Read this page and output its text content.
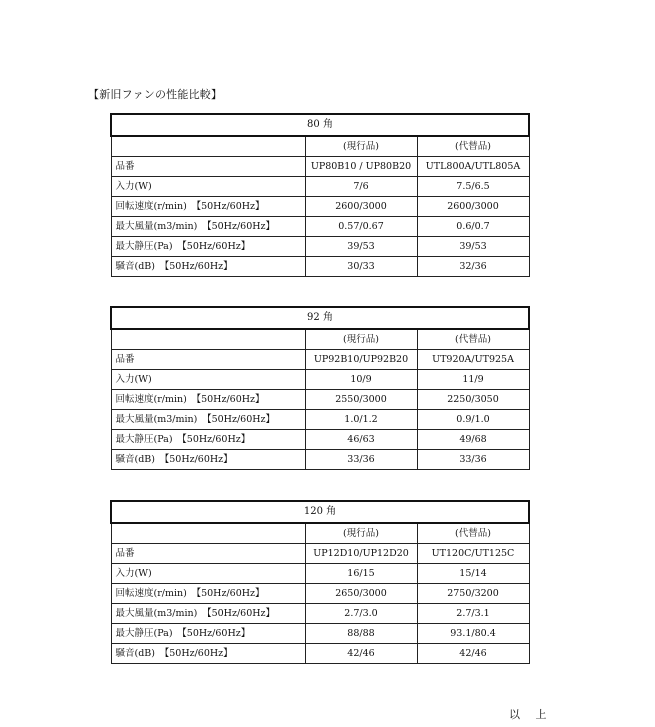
【新旧ファンの性能比較】
80 角		
	(現行品)	(代替品)
品番	UP80B10 / UP80B20	UTL800A/UTL805A
入力(W)	7/6	7.5/6.5
回転速度(r/min)　【50Hz/60Hz】	2600/3000	2600/3000
最大風量(m3/min)　【50Hz/60Hz】	0.57/0.67	0.6/0.7
最大静圧(Pa)　【50Hz/60Hz】	39/53	39/53
騒音(dB)　【50Hz/60Hz】	30/33	32/36
92 角		
	(現行品)	(代替品)
品番	UP92B10/UP92B20	UT920A/UT925A
入力(W)	10/9	11/9
回転速度(r/min)　【50Hz/60Hz】	2550/3000	2250/3050
最大風量(m3/min)　【50Hz/60Hz】	1.0/1.2	0.9/1.0
最大静圧(Pa)　【50Hz/60Hz】	46/63	49/68
騒音(dB)　【50Hz/60Hz】	33/36	33/36
120 角		
	(現行品)	(代替品)
品番	UP12D10/UP12D20	UT120C/UT125C
入力(W)	16/15	15/14
回転速度(r/min)　【50Hz/60Hz】	2650/3000	2750/3200
最大風量(m3/min)　【50Hz/60Hz】	2.7/3.0	2.7/3.1
最大静圧(Pa)　【50Hz/60Hz】	88/88	93.1/80.4
騒音(dB)　【50Hz/60Hz】	42/46	42/46
以 上
